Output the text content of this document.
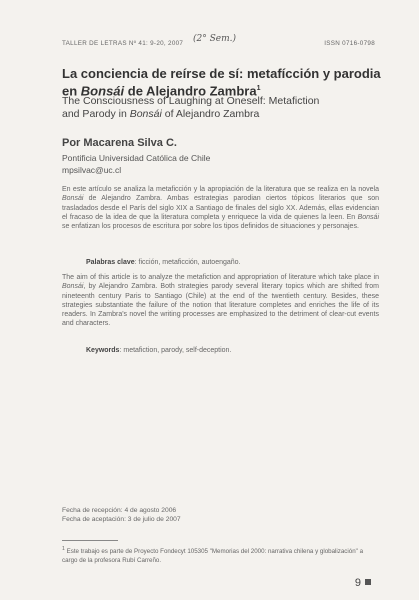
TALLER DE LETRAS Nº 41: 9-20, 2007 (2° Sem.)	ISSN 0716-0798
La conciencia de reírse de sí: metafícción y parodia
en Bonsái de Alejandro Zambra$^1$
The Consciousness of Laughing at Oneself: Metafiction
and Parody in Bonsái of Alejandro Zambra
Por Macarena Silva C.
Pontificia Universidad Católica de Chile
mpsilvac@uc.cl
En este artículo se analiza la metaficción y la apropiación de la literatura que se realiza en la novela Bonsái de Alejandro Zambra. Ambas estrategias parodian ciertos tópicos literarios que son trasladados desde el París del siglo XIX a Santiago de finales del siglo XX. Además, ellas evidencian el fracaso de la idea de que la literatura completa y enriquece la vida de quienes la leen. En Bonsái se enfatizan los procesos de escritura por sobre los tipos definidos de situaciones y personajes.
Palabras clave: ficción, metaficción, autoengaño.
The aim of this article is to analyze the metafiction and appropriation of literature which take place in Bonsái, by Alejandro Zambra. Both strategies parody several literary topics which are shifted from nineteenth century Paris to Santiago (Chile) at the end of the twentieth century. Besides, these strategies substantiate the failure of the notion that literature completes and enriches the life of its readers. In Zambra's novel the writing processes are emphasized to the detriment of clear-cut events and characters.
Keywords: metafiction, parody, self-deception.
Fecha de recepción: 4 de agosto 2006
Fecha de aceptación: 3 de julio de 2007
$^1$ Este trabajo es parte de Proyecto Fondecyt 105305 "Memorias del 2000: narrativa chilena y globalización" a cargo de la profesora Rubí Carreño.
9
